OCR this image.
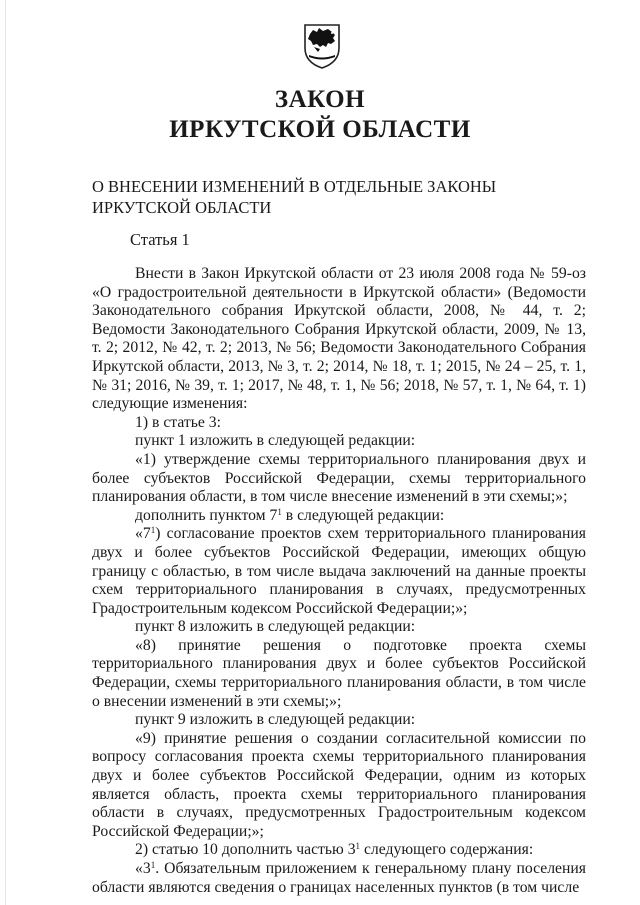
ЗАКОН
ИРКУТСКОЙ ОБЛАСТИ
О ВНЕСЕНИИ ИЗМЕНЕНИЙ В ОТДЕЛЬНЫЕ ЗАКОНЫ ИРКУТСКОЙ ОБЛАСТИ
Статья 1

Внести в Закон Иркутской области от 23 июля 2008 года № 59-оз «О градостроительной деятельности в Иркутской области» (Ведомости Законодательного собрания Иркутской области, 2008, № 44, т. 2; Ведомости Законодательного Собрания Иркутской области, 2009, № 13, т. 2; 2012, № 42, т. 2; 2013, № 56; Ведомости Законодательного Собрания Иркутской области, 2013, № 3, т. 2; 2014, № 18, т. 1; 2015, № 24 – 25, т. 1, № 31; 2016, № 39, т. 1; 2017, № 48, т. 1, № 56; 2018, № 57, т. 1, № 64, т. 1) следующие изменения:

1) в статье 3:

пункт 1 изложить в следующей редакции:

«1) утверждение схемы территориального планирования двух и более субъектов Российской Федерации, схемы территориального планирования области, в том числе внесение изменений в эти схемы;»;

дополнить пунктом $7^1$ в следующей редакции:

«$7^1$) согласование проектов схем территориального планирования двух и более субъектов Российской Федерации, имеющих общую границу с областью, в том числе выдача заключений на данные проекты схем территориального планирования в случаях, предусмотренных Градостроительным кодексом Российской Федерации;»;

пункт 8 изложить в следующей редакции:

«8) принятие решения о подготовке проекта схемы территориального планирования двух и более субъектов Российской Федерации, схемы территориального планирования области, в том числе о внесении изменений в эти схемы;»;

пункт 9 изложить в следующей редакции:

«9) принятие решения о создании согласительной комиссии по вопросу согласования проекта схемы территориального планирования двух и более субъектов Российской Федерации, одним из которых является область, проекта схемы территориального планирования области в случаях, предусмотренных Градостроительным кодексом Российской Федерации;»;

2) статью 10 дополнить частью $3^1$ следующего содержания:

«$3^1$. Обязательным приложением к генеральному плану поселения области являются сведения о границах населенных пунктов (в том числе
